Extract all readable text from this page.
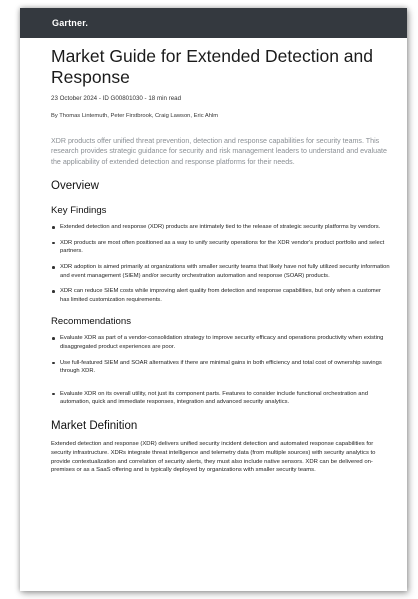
Gartner.
Market Guide for Extended Detection and Response

23 October 2024 - ID G00801030 - 18 min read

By Thomas Lintemuth, Peter Firstbrook, Craig Lawson, Eric Ahlm

XDR products offer unified threat prevention, detection and response capabilities for security teams. This research provides strategic guidance for security and risk management leaders to understand and evaluate the applicability of extended detection and response platforms for their needs.

Overview
Key Findings
Extended detection and response (XDR) products are intimately tied to the release of strategic security platforms by vendors.
XDR products are most often positioned as a way to unify security operations for the XDR vendor's product portfolio and select partners.
XDR adoption is aimed primarily at organizations with smaller security teams that likely have not fully utilized security information and event management (SIEM) and/or security orchestration automation and response (SOAR) products.
XDR can reduce SIEM costs while improving alert quality from detection and response capabilities, but only when a customer has limited customization requirements.
Recommendations
Evaluate XDR as part of a vendor-consolidation strategy to improve security efficacy and operations productivity when existing disaggregated product experiences are poor.
Use full-featured SIEM and SOAR alternatives if there are minimal gains in both efficiency and total cost of ownership savings through XDR.
Evaluate XDR on its overall utility, not just its component parts. Features to consider include functional orchestration and automation, quick and immediate responses, integration and advanced security analytics.
Market Definition

Extended detection and response (XDR) delivers unified security incident detection and automated response capabilities for security infrastructure. XDRs integrate threat intelligence and telemetry data (from multiple sources) with security analytics to provide contextualization and correlation of security alerts, they must also include native sensors. XDR can be delivered on-premises or as a SaaS offering and is typically deployed by organizations with smaller security teams.
